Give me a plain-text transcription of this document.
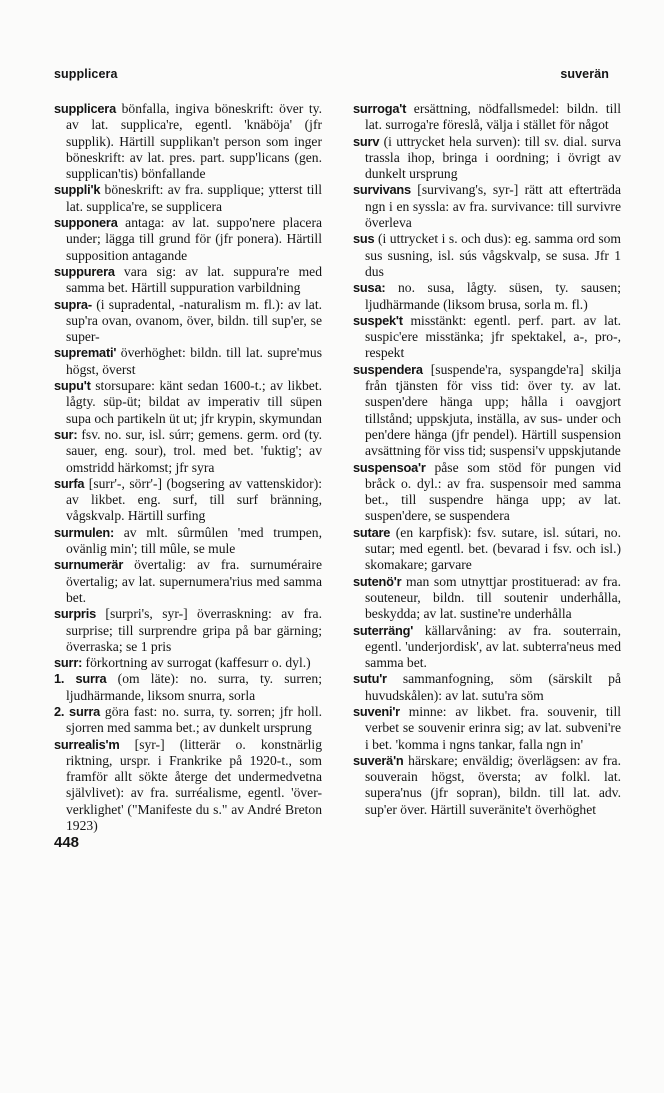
supplicera	suverän

supplicera bönfalla, ingiva böneskrift: över ty. av lat. supplica're, egentl. 'knäböja' (jfr supplik). Härtill supplikan't person som inger böneskrift: av lat. pres. part. supp'licans (gen. supplican'tis) bönfallande

suppli'k böneskrift: av fra. supplique; ytterst till lat. supplica're, se supplicera

supponera antaga: av lat. suppo'nere placera under; lägga till grund för (jfr ponera). Härtill supposition antagande

suppurera vara sig: av lat. suppura're med samma bet. Härtill suppuration varbildning

supra- (i supradental, -naturalism m. fl.): av lat. sup'ra ovan, ovanom, över, bildn. till sup'er, se super-

supremati' överhöghet: bildn. till lat. supre'mus högst, överst

supu't storsupare: känt sedan 1600-t.; av likbet. lågty. süp-üt; bildat av imperativ till süpen supa och partikeln üt ut; jfr krypin, skymundan

sur: fsv. no. sur, isl. súrr; gemens. germ. ord (ty. sauer, eng. sour), trol. med bet. 'fuktig'; av omstridd härkomst; jfr syra

surfa [surr'-, sörr'-] (bogsering av vattenskidor): av likbet. eng. surf, till surf bränning, vågskvalp. Härtill surfing

surmulen: av mlt. sûrmûlen 'med trumpen, ovänlig min'; till mûle, se mule

surnumerär övertalig: av fra. surnuméraire övertalig; av lat. supernumera'rius med samma bet.

surpris [surpri's, syr-] överraskning: av fra. surprise; till surprendre gripa på bar gärning; överraska; se 1 pris

surr: förkortning av surrogat (kaffesurr o. dyl.)

1. surra (om läte): no. surra, ty. surren; ljudhärmande, liksom snurra, sorla

2. surra göra fast: no. surra, ty. sorren; jfr holl. sjorren med samma bet.; av dunkelt ursprung

surrealis'm [syr-] (litterär o. konstnärlig riktning, urspr. i Frankrike på 1920-t., som framför allt sökte återge det undermedvetna självlivet): av fra. surréalisme, egentl. 'över-verklighet' ("Manifeste du s." av André Breton 1923)

surroga't ersättning, nödfallsmedel: bildn. till lat. surroga're föreslå, välja i stället för något

surv (i uttrycket hela surven): till sv. dial. surva trassla ihop, bringa i oordning; i övrigt av dunkelt ursprung

survivans [survivang's, syr-] rätt att efterträda ngn i en syssla: av fra. survivance: till survivre överleva

sus (i uttrycket i s. och dus): eg. samma ord som sus susning, isl. sús vågskvalp, se susa. Jfr 1 dus

susa: no. susa, lågty. süsen, ty. sausen; ljudhärmande (liksom brusa, sorla m. fl.)

suspek't misstänkt: egentl. perf. part. av lat. suspic'ere misstänka; jfr spektakel, a-, pro-, respekt

suspendera [suspende'ra, syspangde'ra] skilja från tjänsten för viss tid: över ty. av lat. suspen'dere hänga upp; hålla i oavgjort tillstånd; uppskjuta, inställa, av sus- under och pen'dere hänga (jfr pendel). Härtill suspension avsättning för viss tid; suspensi'v uppskjutande

suspensoa'r påse som stöd för pungen vid bråck o. dyl.: av fra. suspensoir med samma bet., till suspendre hänga upp; av lat. suspen'dere, se suspendera

sutare (en karpfisk): fsv. sutare, isl. sútari, no. sutar; med egentl. bet. (bevarad i fsv. och isl.) skomakare; garvare

sutenö'r man som utnyttjar prostituerad: av fra. souteneur, bildn. till soutenir underhålla, beskydda; av lat. sustine're underhålla

suterräng' källarvåning: av fra. souterrain, egentl. 'underjordisk', av lat. subterra'neus med samma bet.

sutu'r sammanfogning, söm (särskilt på huvudskålen): av lat. sutu'ra söm

suveni'r minne: av likbet. fra. souvenir, till verbet se souvenir erinra sig; av lat. subveni're i bet. 'komma i ngns tankar, falla ngn in'

suverä'n härskare; enväldig; överlägsen: av fra. souverain högst, översta; av folkl. lat. supera'nus (jfr sopran), bildn. till lat. adv. sup'er över. Härtill suveränite't överhöghet

448
